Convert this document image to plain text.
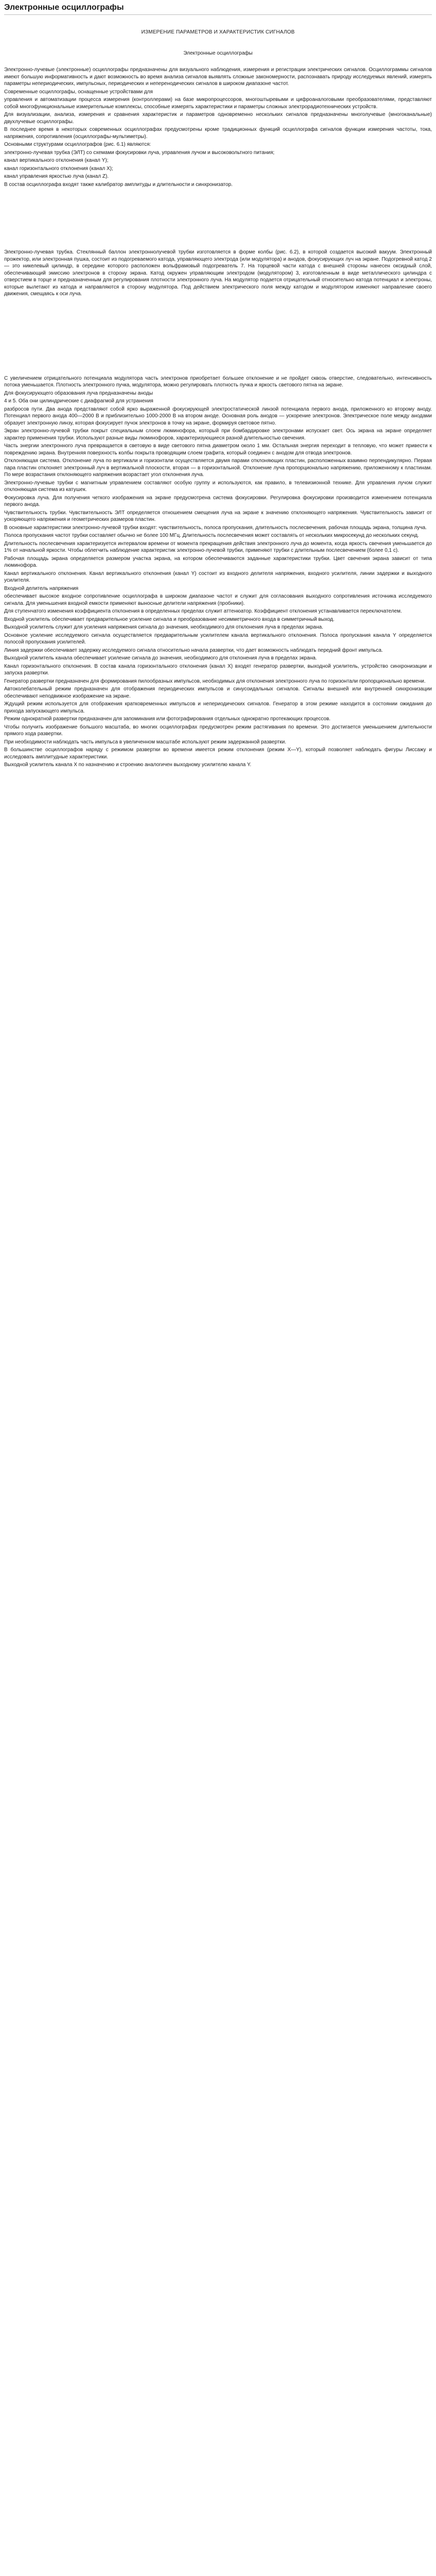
Электронные осциллографы
ИЗМЕРЕНИЕ ПАРАМЕТРОВ И ХАРАКТЕРИСТИК СИГНАЛОВ
Электронные осциллографы

Электронно-лучевые (электронные) осциллографы предназначены для визуального наблюдения, измерения и регистрации электрических сигналов. Осциллограммы сигналов имеют большую информативность и дают возможность во время анализа сигналов выявлять сложные закономерности, распознавать природу исследуемых явлений, измерять параметры непериодических, импульсных, периодических и неперенодических сигналов в широком диапазоне частот.

Современные осциллографы, оснащенные устройствами для

управления и автоматизации процесса измерения (контроллерами) на базе микропроцессоров, многоштыревыми и цифроаналоговыми преобразователями, представляют собой многофункциональные измерительные комплексы, способные измерять характеристики и параметры сложных электрорадиотехнических устройств.

Для визуализации, анализа, измерения и сравнения характеристик и параметров одновременно нескольких сигналов предназначены многолучевые (многоканальные) двухлучевые осциллографы.

В последнее время в некоторых современных осциллографах предусмотрены кроме традиционных функций осциллографа сигналов функции измерения частоты, тока, напряжения, сопротивления (осциллографы-мультиметры).

Основными структурами осциллографов (рис. 6.1) являются:

электронно-лучевая трубка (ЭЛТ) со схемами фокусировки луча, управления лучом и высоковольтного питания;

канал вертикального отклонения (канал Y);

канал горизонтального отклонения (канал X);

канал управления яркостью луча (канал Z).

В состав осциллографа входят также калибратор амплитуды и длительности и синхронизатор.

Электронно-лучевая трубка. Стеклянный баллон электроннолучевой трубки изготовляется в форме колбы (рис. 6.2), в которой создается высокий вакуум. Электронный прожектор, или электронная пушка, состоит из подогреваемого катода, управляющего электрода (или модулятора) и анодов, фокусирующих луч на экране. Подогревной катод 2 — это никелевый цилиндр, в середине которого расположен вольфрамовый подогреватель 7. На торцевой части катода с внешней стороны нанесен оксидный слой, обеспечивающий эмиссию электронов в сторону экрана. Катод окружен управляющим электродом (модулятором) 3, изготовленным в виде металлического цилиндра с отверстием в торце и предназначенным для регулирования плотности электронного луча. На модулятор подается отрицательный относительно катода потенциал и электроны, которые вылетают из катода и направляются в сторону модулятора. Под действием электрического поля между катодом и модулятором изменяют направление своего движения, смещаясь к оси луча.

С увеличением отрицательного потенциала модулятора часть электронов приобретает большее отклонение и не пройдет сквозь отверстие, следовательно, интенсивность потока уменьшается. Плотность электронного пучка, модулятора, можно регулировать плотность пучка и яркость светового пятна на экране.

Для фокусирующего образования луча предназначены аноды

4 и 5. Оба они цилиндрические с диафрагмой для устранения

разбросов пути. Два анода представляют собой ярко выраженной фокусирующей электростатической линзой потенциала первого анода, приложенного ко второму аноду. Потенциал первого анода 400—2000 В и приблизительно 1000-2000 В на втором аноде. Основная роль анодов — ускорение электронов. Электрическое поле между анодами образует электронную линзу, которая фокусирует пучок электронов в точку на экране, формируя световое пятно.

Экран электронно-лучевой трубки покрыт специальным слоем люминофора, который при бомбардировке электронами испускает свет. Ось экрана на экране определяет характер применения трубки. Используют разные виды люминофоров, характеризующиеся разной длительностью свечения.

Часть энергии электронного луча превращается в световую в виде светового пятна диаметром около 1 мм. Остальная энергия переходит в тепловую, что может привести к повреждению экрана. Внутренняя поверхность колбы покрыта проводящим слоем графита, который соединен с анодом для отвода электронов.

Отклоняющая система. Отклонение луча по вертикали и горизонтали осуществляется двумя парами отклоняющих пластин, расположенных взаимно перпендикулярно. Первая пара пластин отклоняет электронный луч в вертикальной плоскости, вторая — в горизонтальной. Отклонение луча пропорционально напряжению, приложенному к пластинам. По мере возрастания отклоняющего напряжения возрастает угол отклонения луча.

Электронно-лучевые трубки с магнитным управлением составляют особую группу и используются, как правило, в телевизионной технике. Для управления лучом служит отклоняющая система из катушек.

Фокусировка луча. Для получения четкого изображения на экране предусмотрена система фокусировки. Регулировка фокусировки производится изменением потенциала первого анода.

Чувствительность трубки. Чувствительность ЭЛТ определяется отношением смещения луча на экране к значению отклоняющего напряжения. Чувствительность зависит от ускоряющего напряжения и геометрических размеров пластин.

В основные характеристики электронно-лучевой трубки входят: чувствительность, полоса пропускания, длительность послесвечения, рабочая площадь экрана, толщина луча.

Полоса пропускания частот трубки составляет обычно не более 100 МГц. Длительность послесвечения может составлять от нескольких микросекунд до нескольких секунд.

Длительность послесвечения характеризуется интервалом времени от момента прекращения действия электронного луча до момента, когда яркость свечения уменьшается до 1% от начальной яркости. Чтобы облегчить наблюдение характеристик электронно-лучевой трубки, применяют трубки с длительным послесвечением (более 0,1 с).

Рабочая площадь экрана определяется размером участка экрана, на котором обеспечиваются заданные характеристики трубки. Цвет свечения экрана зависит от типа люминофора.

Канал вертикального отклонения. Канал вертикального отклонения (канал Y) состоит из входного делителя напряжения, входного усилителя, линии задержки и выходного усилителя.

Входной делитель напряжения

обеспечивает высокое входное сопротивление осциллографа в широком диапазоне частот и служит для согласования выходного сопротивления источника исследуемого сигнала. Для уменьшения входной емкости применяют выносные делители напряжения (пробники).

Для ступенчатого изменения коэффициента отклонения в определенных пределах служит аттенюатор. Коэффициент отклонения устанавливается переключателем.

Входной усилитель обеспечивает предварительное усиление сигнала и преобразование несимметричного входа в симметричный выход.

Выходной усилитель служит для усиления напряжения сигнала до значения, необходимого для отклонения луча в пределах экрана.

Основное усиление исследуемого сигнала осуществляется предварительным усилителем канала вертикального отклонения. Полоса пропускания канала Y определяется полосой пропускания усилителей.

Линия задержки обеспечивает задержку исследуемого сигнала относительно начала развертки, что дает возможность наблюдать передний фронт импульса.

Выходной усилитель канала обеспечивает усиление сигнала до значения, необходимого для отклонения луча в пределах экрана.

Канал горизонтального отклонения. В состав канала горизонтального отклонения (канал X) входят генератор развертки, выходной усилитель, устройство синхронизации и запуска развертки.

Генератор развертки предназначен для формирования пилообразных импульсов, необходимых для отклонения электронного луча по горизонтали пропорционально времени.

Автоколебательный режим предназначен для отображения периодических импульсов и синусоидальных сигналов. Сигналы внешней или внутренней синхронизации обеспечивают неподвижное изображение на экране.

Ждущий режим используется для отображения кратковременных импульсов и непериодических сигналов. Генератор в этом режиме находится в состоянии ожидания до прихода запускающего импульса.

Режим однократной развертки предназначен для запоминания или фотографирования отдельных однократно протекающих процессов.

Чтобы получить изображение большого масштаба, во многих осциллографах предусмотрен режим растягивания по времени. Это достигается уменьшением длительности прямого хода развертки.

При необходимости наблюдать часть импульса в увеличенном масштабе используют режим задержанной развертки.

В большинстве осциллографов наряду с режимом развертки во времени имеется режим отклонения (режим X—Y), который позволяет наблюдать фигуры Лиссажу и исследовать амплитудные характеристики.

Выходной усилитель канала X по назначению и строению аналогичен выходному усилителю канала Y.
